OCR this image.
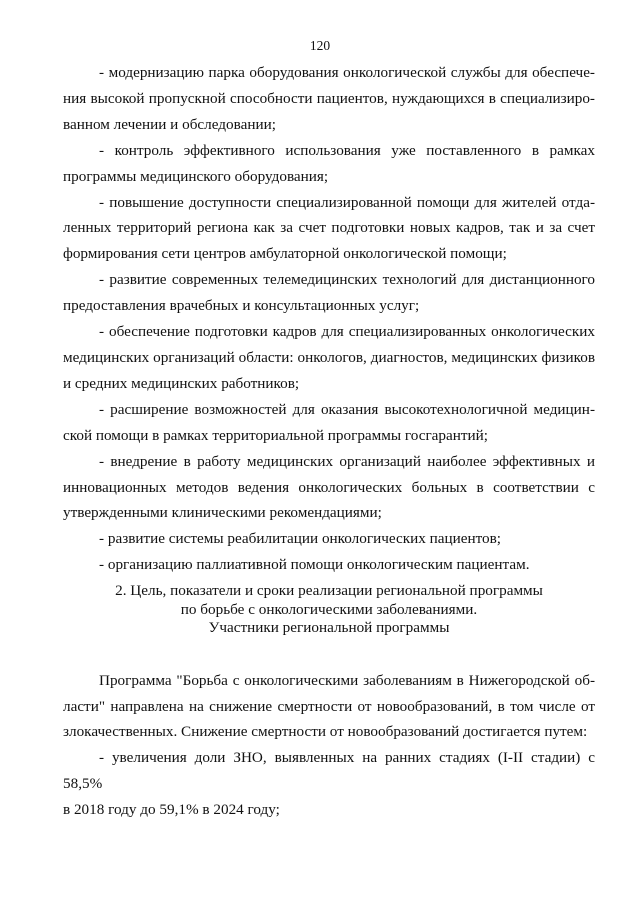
120

- модернизацию парка оборудования онкологической службы для обеспече-
ния высокой пропускной способности пациентов, нуждающихся в специализиро-
ванном лечении и обследовании;

- контроль эффективного использования уже поставленного в рамках
программы медицинского оборудования;

- повышение доступности специализированной помощи для жителей отда-
ленных территорий региона как за счет подготовки новых кадров, так и за счет
формирования сети центров амбулаторной онкологической помощи;

- развитие современных телемедицинских технологий для дистанционного
предоставления врачебных и консультационных услуг;

- обеспечение подготовки кадров для специализированных онкологических
медицинских организаций области: онкологов, диагностов, медицинских физиков
и средних медицинских работников;

- расширение возможностей для оказания высокотехнологичной медицин-
ской помощи в рамках территориальной программы госгарантий;

- внедрение в работу медицинских организаций наиболее эффективных и
инновационных методов ведения онкологических больных в соответствии с
утвержденными клиническими рекомендациями;

- развитие системы реабилитации онкологических пациентов;

- организацию паллиативной помощи онкологическим пациентам.

2. Цель, показатели и сроки реализации региональной программы
по борьбе с онкологическими заболеваниями.
Участники региональной программы

Программа "Борьба с онкологическими заболеваниям в Нижегородской об-
ласти" направлена на снижение смертности от новообразований, в том числе от
злокачественных. Снижение смертности от новообразований достигается путем:

- увеличения доли ЗНО, выявленных на ранних стадиях (I-II стадии) с 58,5%
в 2018 году до 59,1% в 2024 году;
